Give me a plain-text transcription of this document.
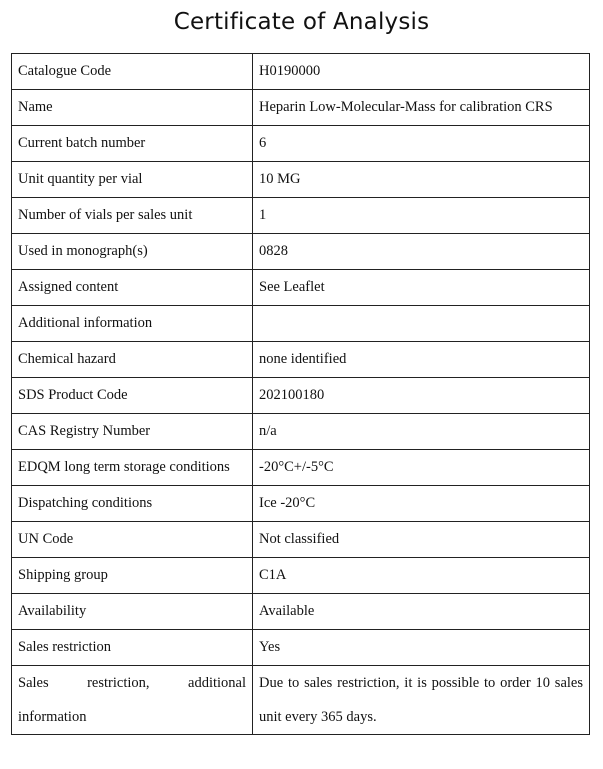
Certificate of Analysis
Catalogue Code	H0190000
Name	Heparin Low-Molecular-Mass for calibration CRS
Current batch number	6
Unit quantity per vial	10 MG
Number of vials per sales unit	1
Used in monograph(s)	0828
Assigned content	See Leaflet
Additional information	
Chemical hazard	none identified
SDS Product Code	202100180
CAS Registry Number	n/a
EDQM long term storage conditions	-20°C+/-5°C
Dispatching conditions	Ice -20°C
UN Code	Not classified
Shipping group	C1A
Availability	Available
Sales restriction	Yes
Sales restriction, additional information	Due to sales restriction, it is possible to order 10 sales unit every 365 days.
